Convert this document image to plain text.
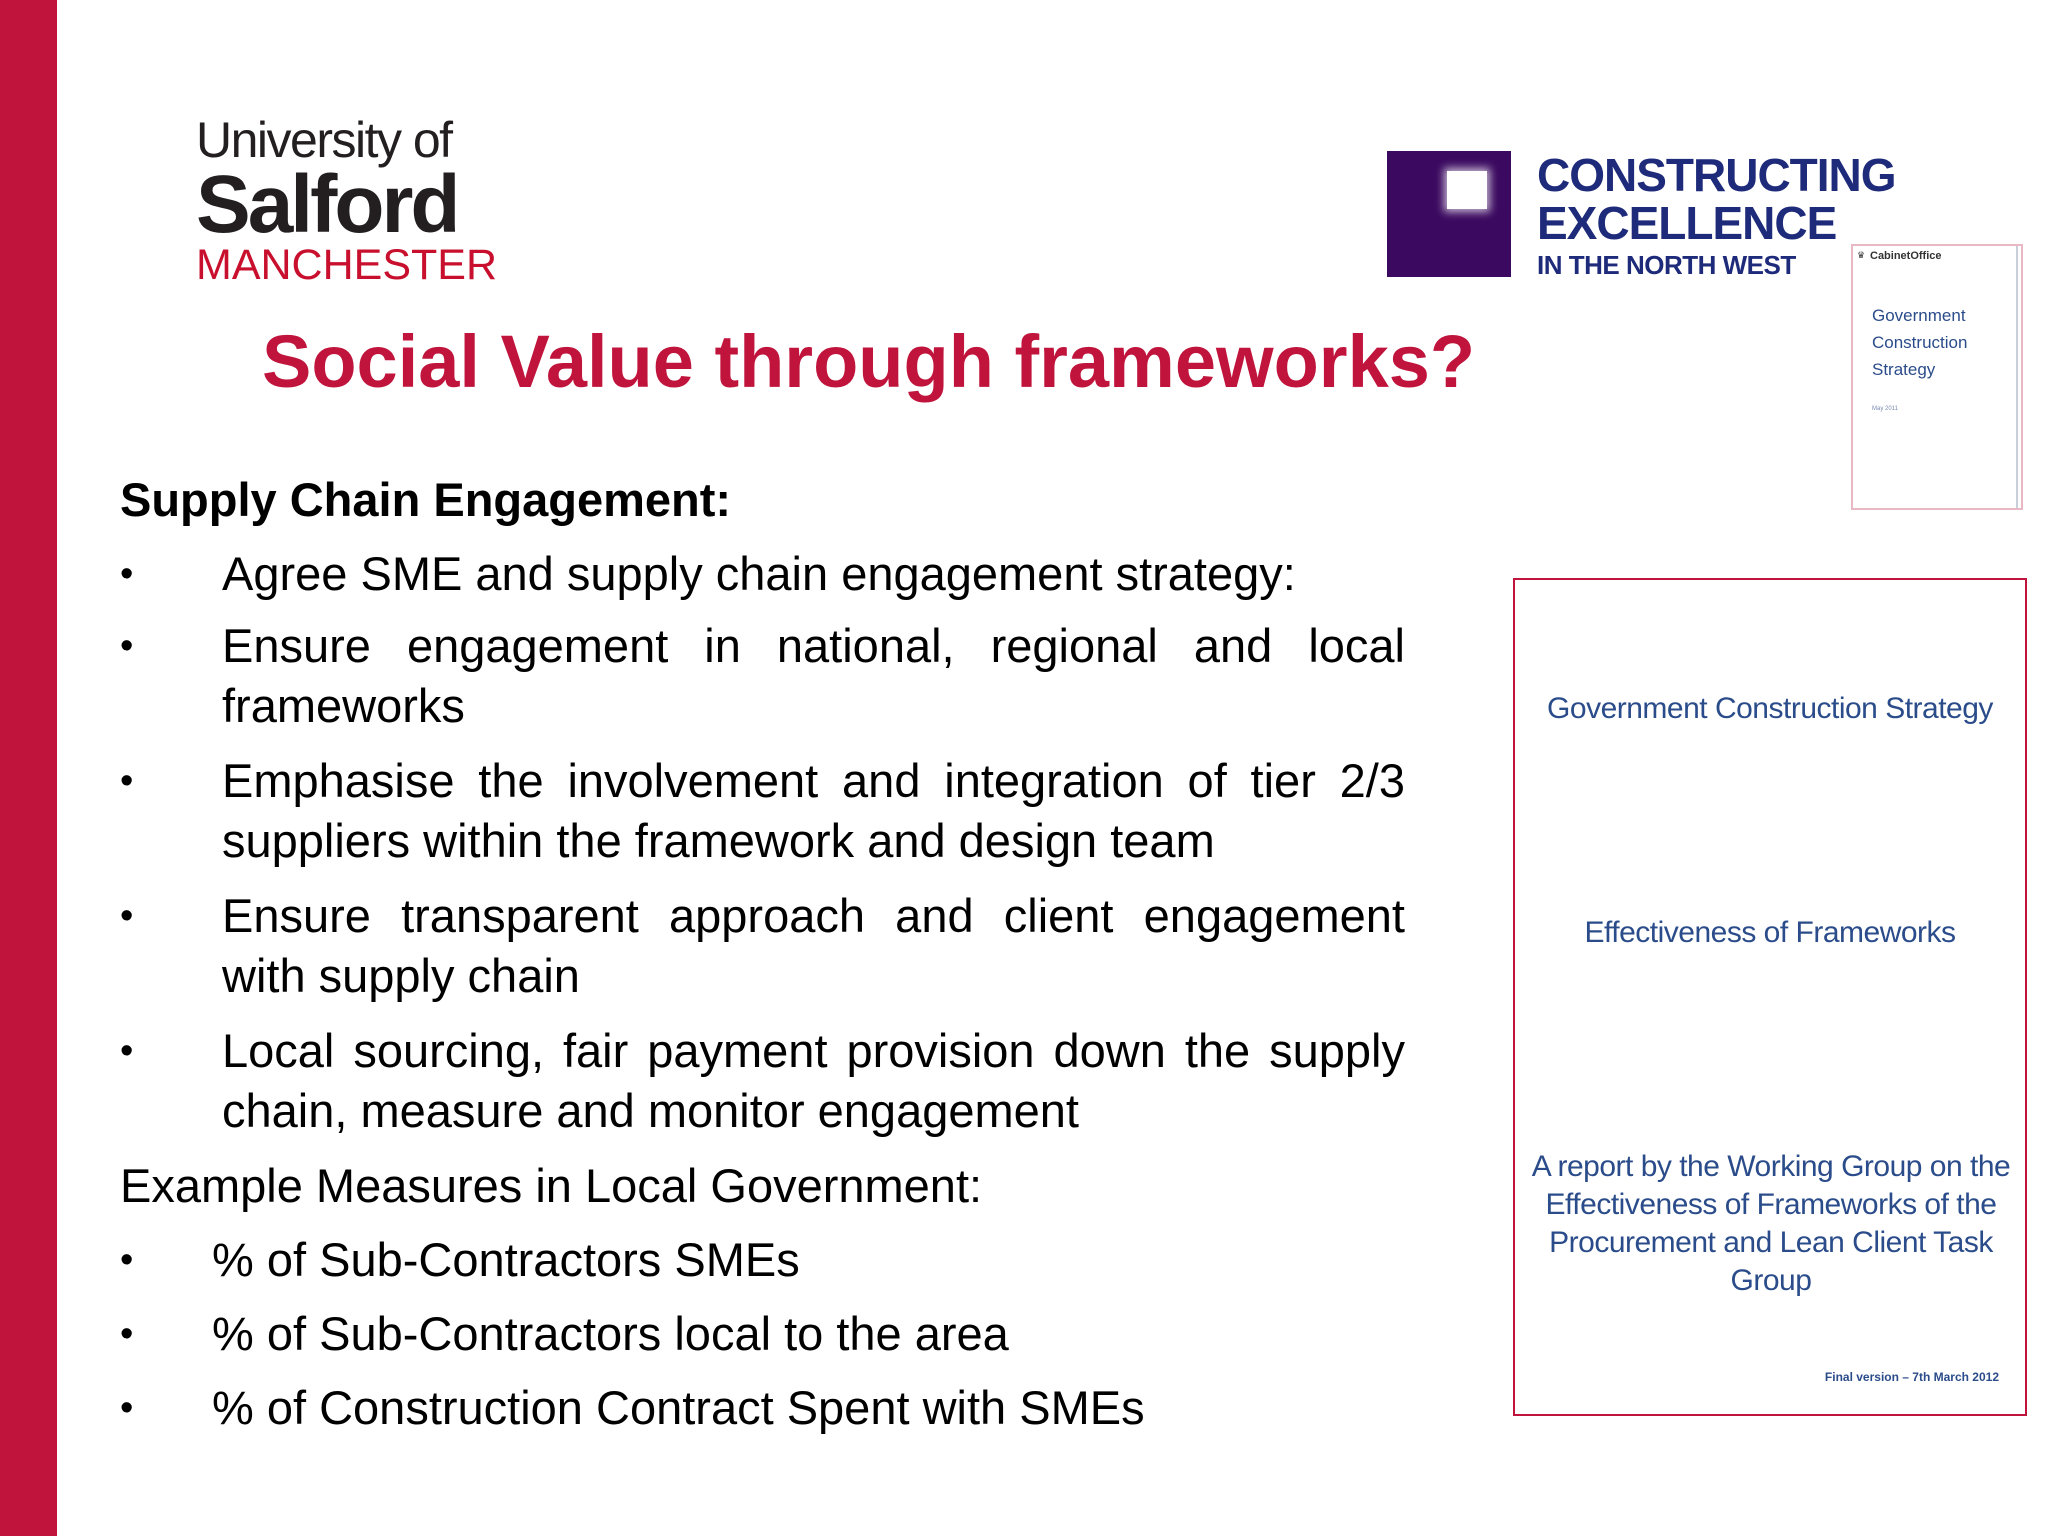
University of
Salford
MANCHESTER
CONSTRUCTING
EXCELLENCE
IN THE NORTH WEST	♛ CabinetOffice
Government
Construction
Strategy
May 2011
Social Value through frameworks?
Supply Chain Engagement:
•	Agree SME and supply chain engagement strategy:
•	Ensure engagement in national, regional and local frameworks
•	Emphasise the involvement and integration of tier 2/3 suppliers within the framework and design team
•	Ensure transparent approach and client engagement with supply chain
•	Local sourcing, fair payment provision down the supply chain, measure and monitor engagement
Example Measures in Local Government:
• % of Sub-Contractors SMEs
• % of Sub-Contractors local to the area
• % of Construction Contract Spent with SMEs
Government Construction Strategy
Effectiveness of Frameworks
A report by the Working Group on the Effectiveness of Frameworks of the Procurement and Lean Client Task Group
Final version – 7th March 2012
